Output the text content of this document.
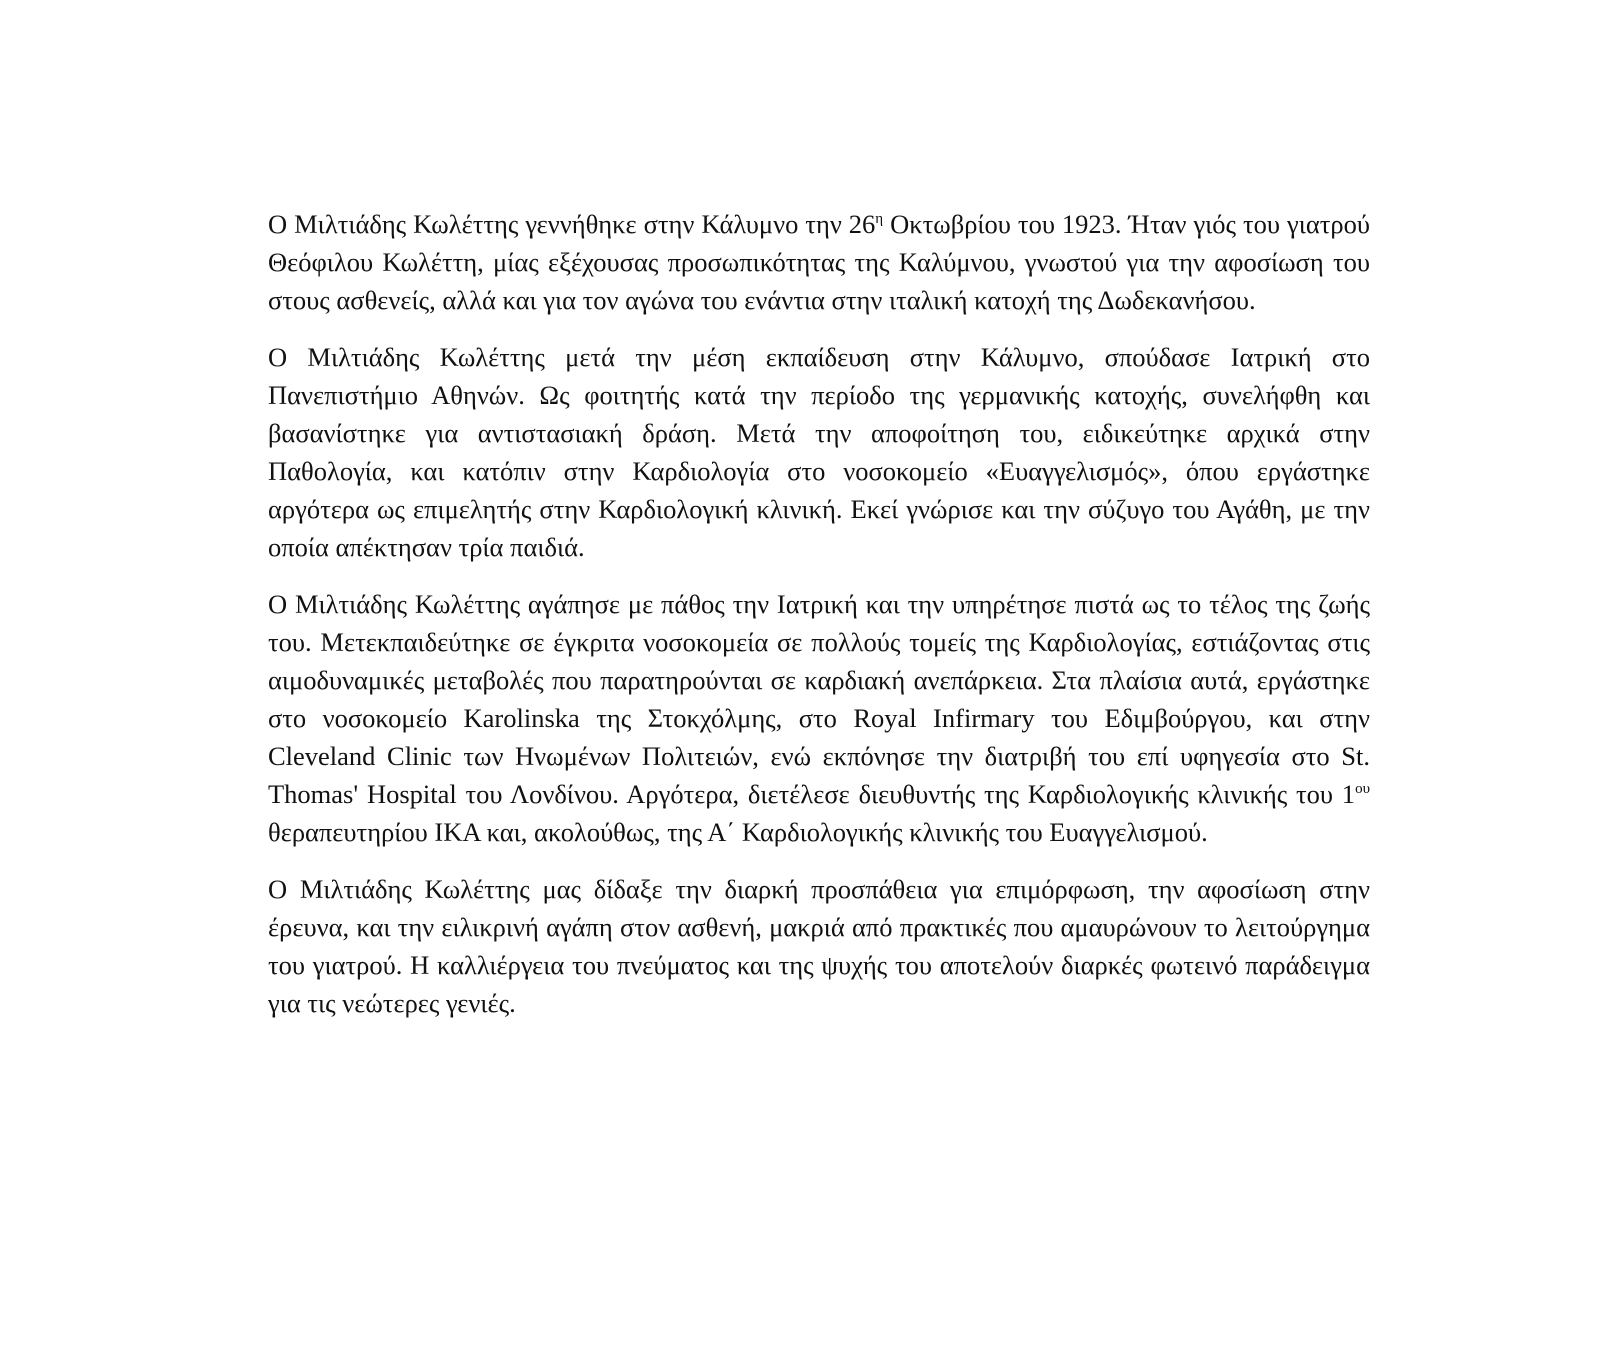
Ο Μιλτιάδης Κωλέττης γεννήθηκε στην Κάλυμνο την $26^\eta$ Οκτωβρίου του 1923. Ήταν γιός του γιατρού Θεόφιλου Κωλέττη, μίας εξέχουσας προσωπικότητας της Καλύμνου, γνωστού για την αφοσίωση του στους ασθενείς, αλλά και για τον αγώνα του ενάντια στην ιταλική κατοχή της Δωδεκανήσου.

Ο Μιλτιάδης Κωλέττης μετά την μέση εκπαίδευση στην Κάλυμνο, σπούδασε Ιατρική στο Πανεπιστήμιο Αθηνών. Ως φοιτητής κατά την περίοδο της γερμανικής κατοχής, συνελήφθη και βασανίστηκε για αντιστασιακή δράση. Μετά την αποφοίτηση του, ειδικεύτηκε αρχικά στην Παθολογία, και κατόπιν στην Καρδιολογία στο νοσοκομείο «Ευαγγελισμός», όπου εργάστηκε αργότερα ως επιμελητής στην Καρδιολογική κλινική. Εκεί γνώρισε και την σύζυγο του Αγάθη, με την οποία απέκτησαν τρία παιδιά.

Ο Μιλτιάδης Κωλέττης αγάπησε με πάθος την Ιατρική και την υπηρέτησε πιστά ως το τέλος της ζωής του. Μετεκπαιδεύτηκε σε έγκριτα νοσοκομεία σε πολλούς τομείς της Καρδιολογίας, εστιάζοντας στις αιμοδυναμικές μεταβολές που παρατηρούνται σε καρδιακή ανεπάρκεια. Στα πλαίσια αυτά, εργάστηκε στο νοσοκομείο Karolinska της Στοκχόλμης, στο Royal Infirmary του Εδιμβούργου, και στην Cleveland Clinic των Ηνωμένων Πολιτειών, ενώ εκπόνησε την διατριβή του επί υφηγεσία στο St. Thomas' Hospital του Λονδίνου. Αργότερα, διετέλεσε διευθυντής της Καρδιολογικής κλινικής του $1^{o\upsilon}$ θεραπευτηρίου ΙΚΑ και, ακολούθως, της Α΄ Καρδιολογικής κλινικής του Ευαγγελισμού.

Ο Μιλτιάδης Κωλέττης μας δίδαξε την διαρκή προσπάθεια για επιμόρφωση, την αφοσίωση στην έρευνα, και την ειλικρινή αγάπη στον ασθενή, μακριά από πρακτικές που αμαυρώνουν το λειτούργημα του γιατρού. Η καλλιέργεια του πνεύματος και της ψυχής του αποτελούν διαρκές φωτεινό παράδειγμα για τις νεώτερες γενιές.
